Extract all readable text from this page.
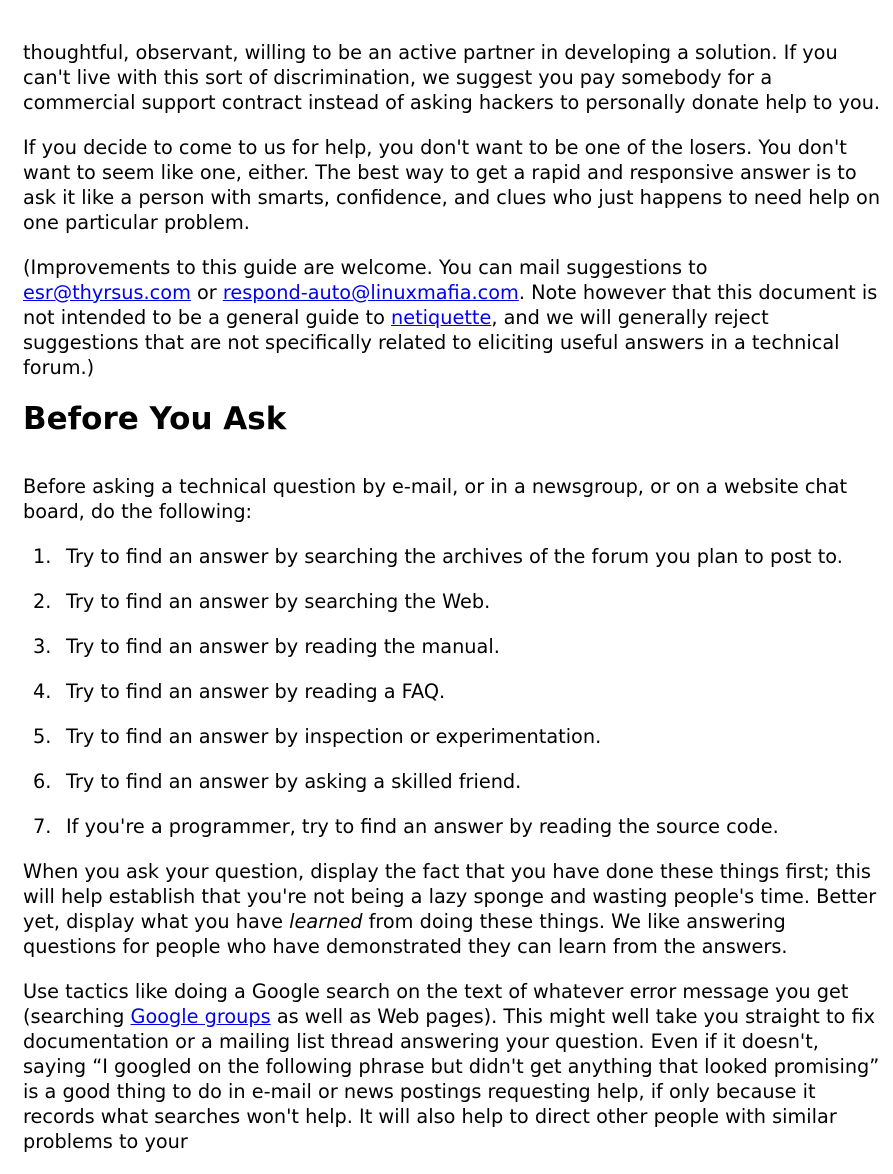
thoughtful, observant, willing to be an active partner in developing a solution. If you can't live with this sort of discrimination, we suggest you pay somebody for a commercial support contract instead of asking hackers to personally donate help to you.

If you decide to come to us for help, you don't want to be one of the losers. You don't want to seem like one, either. The best way to get a rapid and responsive answer is to ask it like a person with smarts, confidence, and clues who just happens to need help on one particular problem.

(Improvements to this guide are welcome. You can mail suggestions to esr@thyrsus.com or respond-auto@linuxmafia.com. Note however that this document is not intended to be a general guide to netiquette, and we will generally reject suggestions that are not specifically related to eliciting useful answers in a technical forum.)

Before You Ask

Before asking a technical question by e-mail, or in a newsgroup, or on a website chat board, do the following:

1. Try to find an answer by searching the archives of the forum you plan to post to.
2. Try to find an answer by searching the Web.
3. Try to find an answer by reading the manual.
4. Try to find an answer by reading a FAQ.
5. Try to find an answer by inspection or experimentation.
6. Try to find an answer by asking a skilled friend.
7. If you're a programmer, try to find an answer by reading the source code.

When you ask your question, display the fact that you have done these things first; this will help establish that you're not being a lazy sponge and wasting people's time. Better yet, display what you have learned from doing these things. We like answering questions for people who have demonstrated they can learn from the answers.

Use tactics like doing a Google search on the text of whatever error message you get (searching Google groups as well as Web pages). This might well take you straight to fix documentation or a mailing list thread answering your question. Even if it doesn't, saying “I googled on the following phrase but didn't get anything that looked promising” is a good thing to do in e-mail or news postings requesting help, if only because it records what searches won't help. It will also help to direct other people with similar problems to your
